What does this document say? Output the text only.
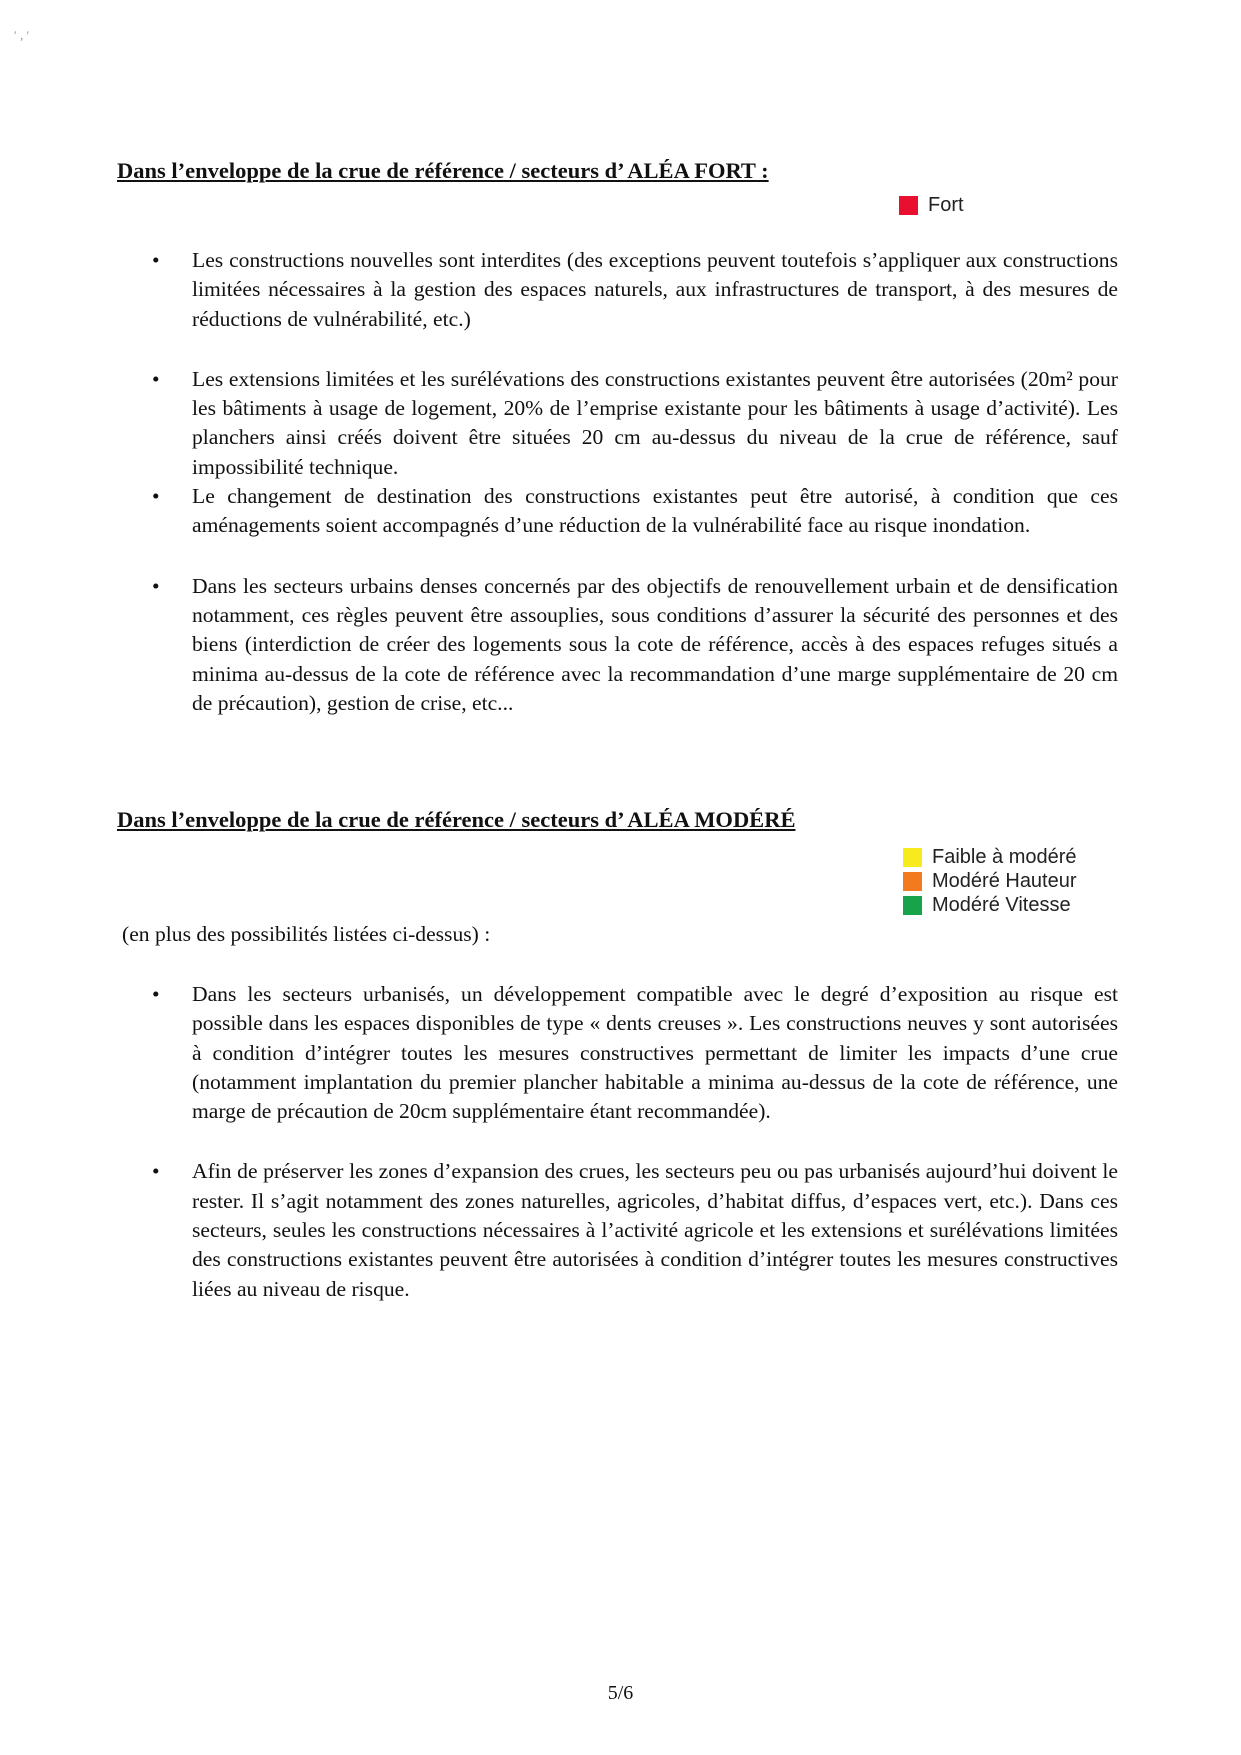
′ ‚ ′
Dans l’enveloppe de la crue de référence / secteurs d’ ALÉA FORT :
Fort
• Les constructions nouvelles sont interdites (des exceptions peuvent toutefois s’appliquer aux constructions limitées nécessaires à la gestion des espaces naturels, aux infrastructures de transport, à des mesures de réductions de vulnérabilité, etc.)
• Les extensions limitées et les surélévations des constructions existantes peuvent être autorisées (20m² pour les bâtiments à usage de logement, 20% de l’emprise existante pour les bâtiments à usage d’activité). Les planchers ainsi créés doivent être situées 20 cm au-dessus du niveau de la crue de référence, sauf impossibilité technique.
• Le changement de destination des constructions existantes peut être autorisé, à condition que ces aménagements soient accompagnés d’une réduction de la vulnérabilité face au risque inondation.
• Dans les secteurs urbains denses concernés par des objectifs de renouvellement urbain et de densification notamment, ces règles peuvent être assouplies, sous conditions d’assurer la sécurité des personnes et des biens (interdiction de créer des logements sous la cote de référence, accès à des espaces refuges situés a minima au-dessus de la cote de référence avec la recommandation d’une marge supplémentaire de 20 cm de précaution), gestion de crise, etc...
Dans l’enveloppe de la crue de référence / secteurs d’ ALÉA MODÉRÉ
Faible à modéré
Modéré Hauteur
Modéré Vitesse

(en plus des possibilités listées ci-dessus) :

• Dans les secteurs urbanisés, un développement compatible avec le degré d’exposition au risque est possible dans les espaces disponibles de type « dents creuses ». Les constructions neuves y sont autorisées à condition d’intégrer toutes les mesures constructives permettant de limiter les impacts d’une crue (notamment implantation du premier plancher habitable a minima au-dessus de la cote de référence, une marge de précaution de 20cm supplémentaire étant recommandée).
• Afin de préserver les zones d’expansion des crues, les secteurs peu ou pas urbanisés aujourd’hui doivent le rester. Il s’agit notamment des zones naturelles, agricoles, d’habitat diffus, d’espaces vert, etc.). Dans ces secteurs, seules les constructions nécessaires à l’activité agricole et les extensions et surélévations limitées des constructions existantes peuvent être autorisées à condition d’intégrer toutes les mesures constructives liées au niveau de risque.
5/6
